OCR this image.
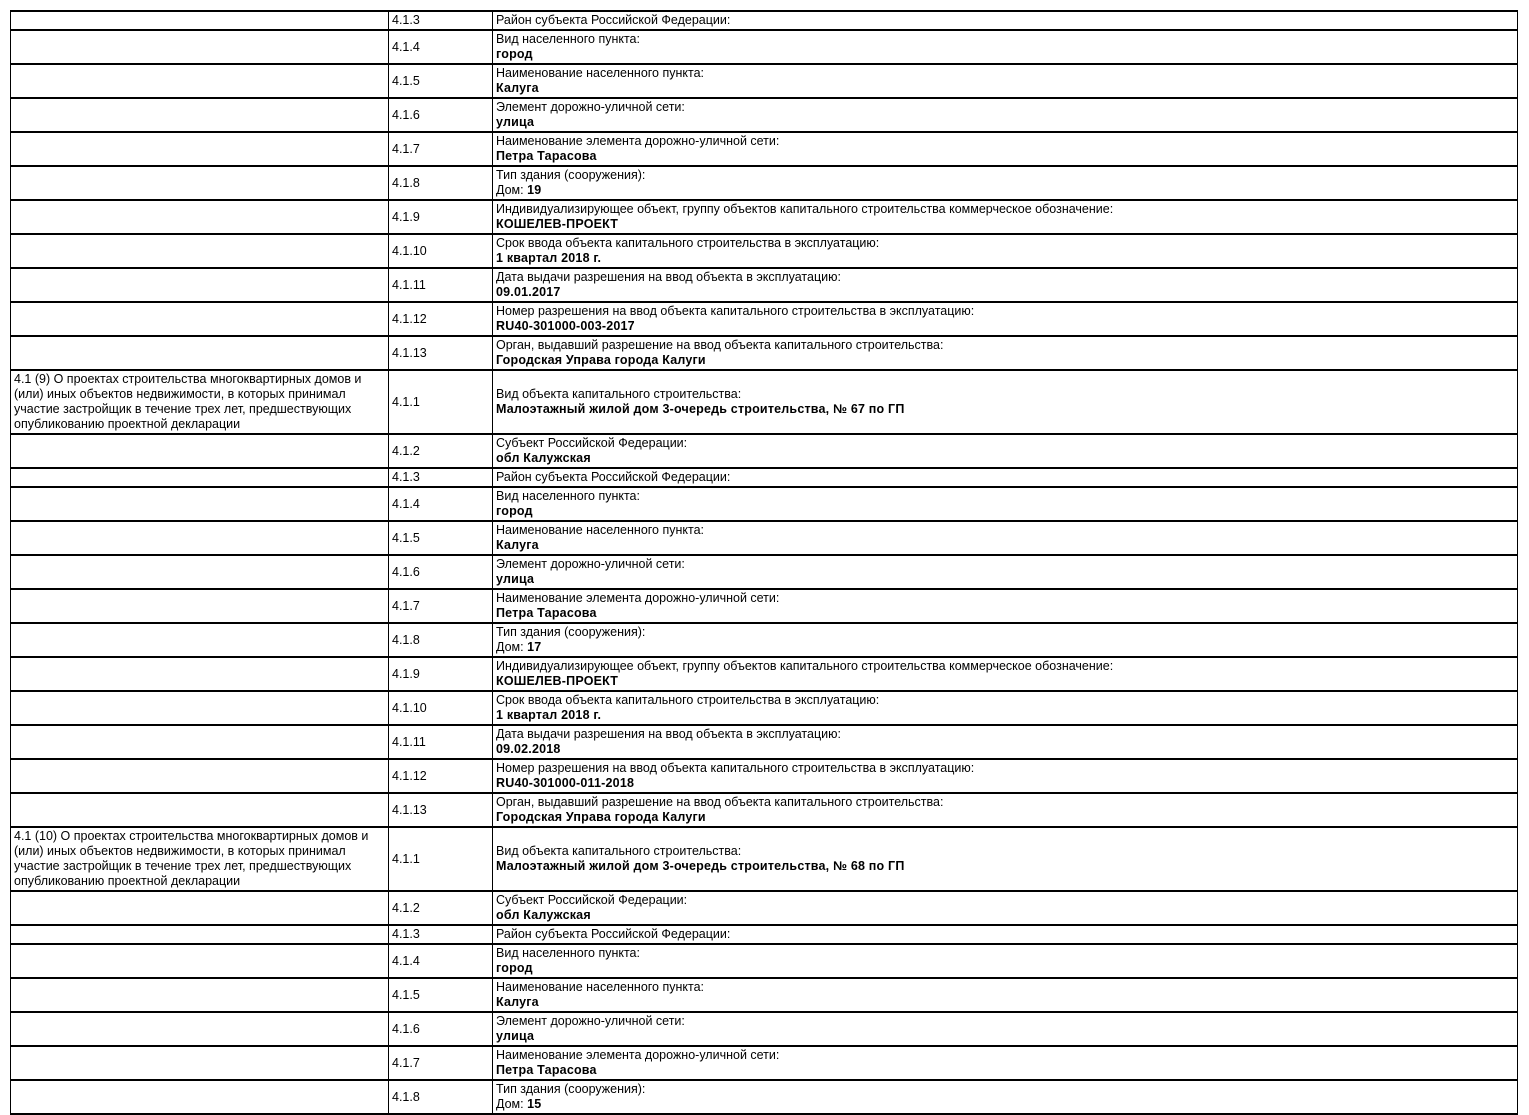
	4.1.3	Район субъекта Российской Федерации:

	4.1.4	Вид населенного пункта:
город

	4.1.5	Наименование населенного пункта:
Калуга

	4.1.6	Элемент дорожно-уличной сети:
улица

	4.1.7	Наименование элемента дорожно-уличной сети:
Петра Тарасова

	4.1.8	Тип здания (сооружения):
Дом: 19

	4.1.9	Индивидуализирующее объект, группу объектов капитального строительства коммерческое обозначение:
КОШЕЛЕВ-ПРОЕКТ

	4.1.10	Срок ввода объекта капитального строительства в эксплуатацию:
1 квартал 2018 г.

	4.1.11	Дата выдачи разрешения на ввод объекта в эксплуатацию:
09.01.2017

	4.1.12	Номер разрешения на ввод объекта капитального строительства в эксплуатацию:
RU40-301000-003-2017

	4.1.13	Орган, выдавший разрешение на ввод объекта капитального строительства:
Городская Управа города Калуги

4.1 (9) О проектах строительства многоквартирных домов и (или) иных объектов недвижимости, в которых принимал участие застройщик в течение трех лет, предшествующих опубликованию проектной декларации	4.1.1	Вид объекта капитального строительства:
Малоэтажный жилой дом 3-очередь строительства, № 67 по ГП

	4.1.2	Субъект Российской Федерации:
обл Калужская

	4.1.3	Район субъекта Российской Федерации:

	4.1.4	Вид населенного пункта:
город

	4.1.5	Наименование населенного пункта:
Калуга

	4.1.6	Элемент дорожно-уличной сети:
улица

	4.1.7	Наименование элемента дорожно-уличной сети:
Петра Тарасова

	4.1.8	Тип здания (сооружения):
Дом: 17

	4.1.9	Индивидуализирующее объект, группу объектов капитального строительства коммерческое обозначение:
КОШЕЛЕВ-ПРОЕКТ

	4.1.10	Срок ввода объекта капитального строительства в эксплуатацию:
1 квартал 2018 г.

	4.1.11	Дата выдачи разрешения на ввод объекта в эксплуатацию:
09.02.2018

	4.1.12	Номер разрешения на ввод объекта капитального строительства в эксплуатацию:
RU40-301000-011-2018

	4.1.13	Орган, выдавший разрешение на ввод объекта капитального строительства:
Городская Управа города Калуги

4.1 (10) О проектах строительства многоквартирных домов и (или) иных объектов недвижимости, в которых принимал участие застройщик в течение трех лет, предшествующих опубликованию проектной декларации	4.1.1	Вид объекта капитального строительства:
Малоэтажный жилой дом 3-очередь строительства, № 68 по ГП

	4.1.2	Субъект Российской Федерации:
обл Калужская

	4.1.3	Район субъекта Российской Федерации:

	4.1.4	Вид населенного пункта:
город

	4.1.5	Наименование населенного пункта:
Калуга

	4.1.6	Элемент дорожно-уличной сети:
улица

	4.1.7	Наименование элемента дорожно-уличной сети:
Петра Тарасова

	4.1.8	Тип здания (сооружения):
Дом: 15
